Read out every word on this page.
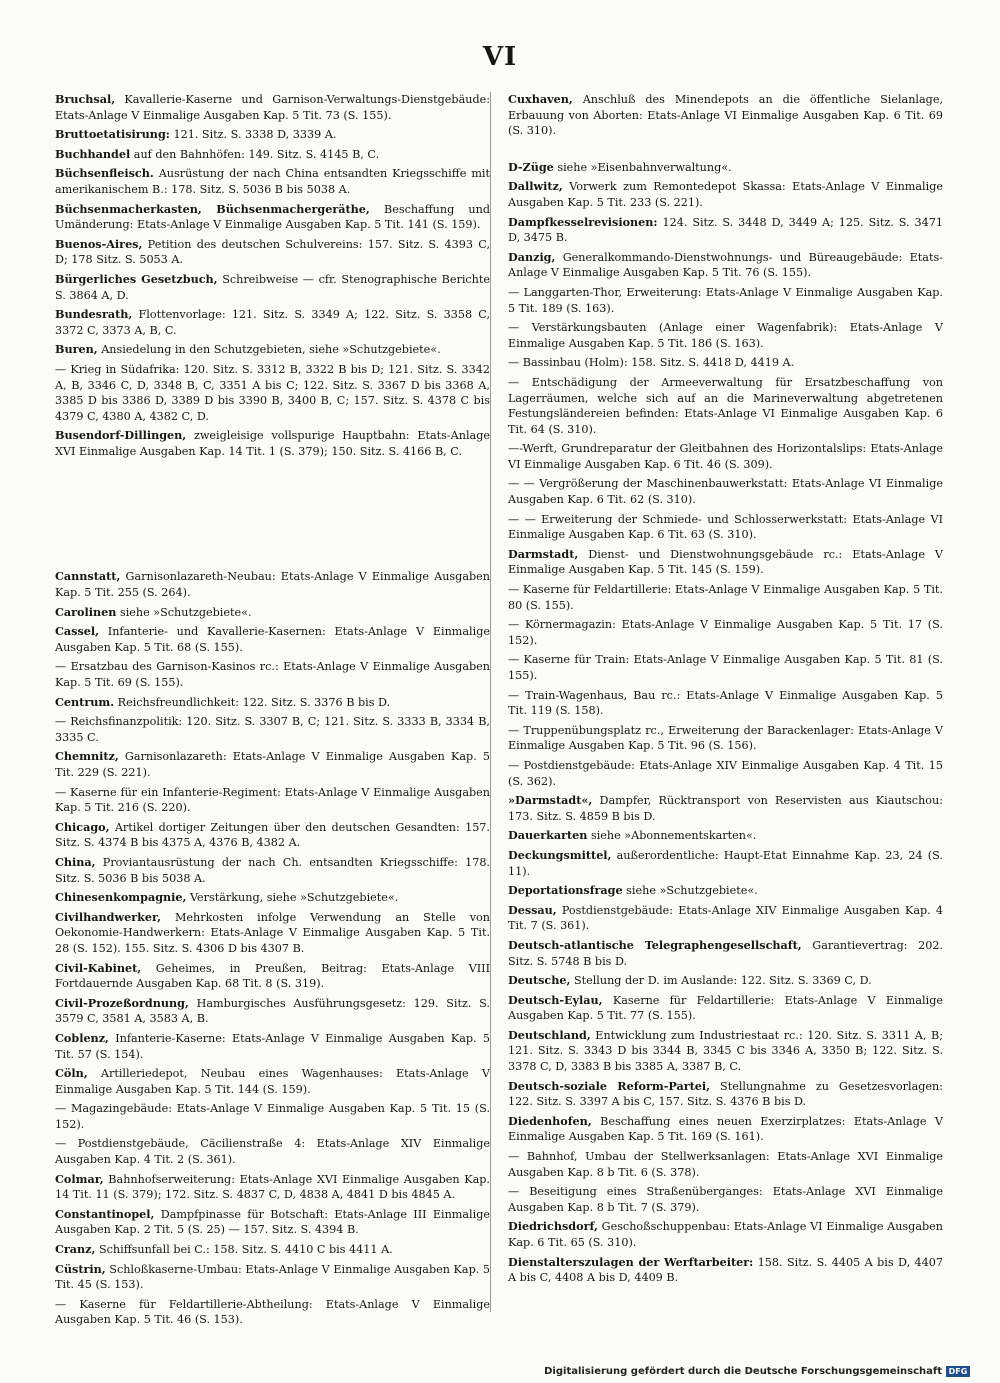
VI

Bruchsal, Kavallerie-Kaserne und Garnison-Verwaltungs-Dienstgebäude: Etats-Anlage V Einmalige Ausgaben Kap. 5 Tit. 73 (S. 155).

Bruttoetatisirung: 121. Sitz. S. 3338 D, 3339 A.

Buchhandel auf den Bahnhöfen: 149. Sitz. S. 4145 B, C.

Büchsenfleisch. Ausrüstung der nach China entsandten Kriegsschiffe mit amerikanischem B.: 178. Sitz. S. 5036 B bis 5038 A.

Büchsenmacherkasten, Büchsenmachergeräthe, Beschaffung und Umänderung: Etats-Anlage V Einmalige Ausgaben Kap. 5 Tit. 141 (S. 159).

Buenos-Aires, Petition des deutschen Schulvereins: 157. Sitz. S. 4393 C, D; 178 Sitz. S. 5053 A.

Bürgerliches Gesetzbuch, Schreibweise — cfr. Stenographische Berichte S. 3864 A, D.

Bundesrath, Flottenvorlage: 121. Sitz. S. 3349 A; 122. Sitz. S. 3358 C, 3372 C, 3373 A, B, C.

Buren, Ansiedelung in den Schutzgebieten, siehe »Schutzgebiete«.

— Krieg in Südafrika: 120. Sitz. S. 3312 B, 3322 B bis D; 121. Sitz. S. 3342 A, B, 3346 C, D, 3348 B, C, 3351 A bis C; 122. Sitz. S. 3367 D bis 3368 A, 3385 D bis 3386 D, 3389 D bis 3390 B, 3400 B, C; 157. Sitz. S. 4378 C bis 4379 C, 4380 A, 4382 C, D.

Busendorf-Dillingen, zweigleisige vollspurige Hauptbahn: Etats-Anlage XVI Einmalige Ausgaben Kap. 14 Tit. 1 (S. 379); 150. Sitz. S. 4166 B, C.

Cannstatt, Garnisonlazareth-Neubau: Etats-Anlage V Einmalige Ausgaben Kap. 5 Tit. 255 (S. 264).

Carolinen siehe »Schutzgebiete«.

Cassel, Infanterie- und Kavallerie-Kasernen: Etats-Anlage V Einmalige Ausgaben Kap. 5 Tit. 68 (S. 155).

— Ersatzbau des Garnison-Kasinos rc.: Etats-Anlage V Einmalige Ausgaben Kap. 5 Tit. 69 (S. 155).

Centrum. Reichsfreundlichkeit: 122. Sitz. S. 3376 B bis D.

— Reichsfinanzpolitik: 120. Sitz. S. 3307 B, C; 121. Sitz. S. 3333 B, 3334 B, 3335 C.

Chemnitz, Garnisonlazareth: Etats-Anlage V Einmalige Ausgaben Kap. 5 Tit. 229 (S. 221).

— Kaserne für ein Infanterie-Regiment: Etats-Anlage V Einmalige Ausgaben Kap. 5 Tit. 216 (S. 220).

Chicago, Artikel dortiger Zeitungen über den deutschen Gesandten: 157. Sitz. S. 4374 B bis 4375 A, 4376 B, 4382 A.

China, Proviantausrüstung der nach Ch. entsandten Kriegsschiffe: 178. Sitz. S. 5036 B bis 5038 A.

Chinesenkompagnie, Verstärkung, siehe »Schutzgebiete«.

Civilhandwerker, Mehrkosten infolge Verwendung an Stelle von Oekonomie-Handwerkern: Etats-Anlage V Einmalige Ausgaben Kap. 5 Tit. 28 (S. 152). 155. Sitz. S. 4306 D bis 4307 B.

Civil-Kabinet, Geheimes, in Preußen, Beitrag: Etats-Anlage VIII Fortdauernde Ausgaben Kap. 68 Tit. 8 (S. 319).

Civil-Prozeßordnung, Hamburgisches Ausführungsgesetz: 129. Sitz. S. 3579 C, 3581 A, 3583 A, B.

Coblenz, Infanterie-Kaserne: Etats-Anlage V Einmalige Ausgaben Kap. 5 Tit. 57 (S. 154).

Cöln, Artilleriedepot, Neubau eines Wagenhauses: Etats-Anlage V Einmalige Ausgaben Kap. 5 Tit. 144 (S. 159).

— Magazingebäude: Etats-Anlage V Einmalige Ausgaben Kap. 5 Tit. 15 (S. 152).

— Postdienstgebäude, Cäcilienstraße 4: Etats-Anlage XIV Einmalige Ausgaben Kap. 4 Tit. 2 (S. 361).

Colmar, Bahnhofserweiterung: Etats-Anlage XVI Einmalige Ausgaben Kap. 14 Tit. 11 (S. 379); 172. Sitz. S. 4837 C, D, 4838 A, 4841 D bis 4845 A.

Constantinopel, Dampfpinasse für Botschaft: Etats-Anlage III Einmalige Ausgaben Kap. 2 Tit. 5 (S. 25) — 157. Sitz. S. 4394 B.

Cranz, Schiffsunfall bei C.: 158. Sitz. S. 4410 C bis 4411 A.

Cüstrin, Schloßkaserne-Umbau: Etats-Anlage V Einmalige Ausgaben Kap. 5 Tit. 45 (S. 153).

— Kaserne für Feldartillerie-Abtheilung: Etats-Anlage V Einmalige Ausgaben Kap. 5 Tit. 46 (S. 153).

Cuxhaven, Anschluß des Minendepots an die öffentliche Sielanlage, Erbauung von Aborten: Etats-Anlage VI Einmalige Ausgaben Kap. 6 Tit. 69 (S. 310).

D-Züge siehe »Eisenbahnverwaltung«.

Dallwitz, Vorwerk zum Remontedepot Skassa: Etats-Anlage V Einmalige Ausgaben Kap. 5 Tit. 233 (S. 221).

Dampfkesselrevisionen: 124. Sitz. S. 3448 D, 3449 A; 125. Sitz. S. 3471 D, 3475 B.

Danzig, Generalkommando-Dienstwohnungs- und Büreaugebäude: Etats-Anlage V Einmalige Ausgaben Kap. 5 Tit. 76 (S. 155).

— Langgarten-Thor, Erweiterung: Etats-Anlage V Einmalige Ausgaben Kap. 5 Tit. 189 (S. 163).

— Verstärkungsbauten (Anlage einer Wagenfabrik): Etats-Anlage V Einmalige Ausgaben Kap. 5 Tit. 186 (S. 163).

— Bassinbau (Holm): 158. Sitz. S. 4418 D, 4419 A.

— Entschädigung der Armeeverwaltung für Ersatzbeschaffung von Lagerräumen, welche sich auf an die Marineverwaltung abgetretenen Festungsländereien befinden: Etats-Anlage VI Einmalige Ausgaben Kap. 6 Tit. 64 (S. 310).

—-Werft, Grundreparatur der Gleitbahnen des Horizontalslips: Etats-Anlage VI Einmalige Ausgaben Kap. 6 Tit. 46 (S. 309).

— — Vergrößerung der Maschinenbauwerkstatt: Etats-Anlage VI Einmalige Ausgaben Kap. 6 Tit. 62 (S. 310).

— — Erweiterung der Schmiede- und Schlosserwerkstatt: Etats-Anlage VI Einmalige Ausgaben Kap. 6 Tit. 63 (S. 310).

Darmstadt, Dienst- und Dienstwohnungsgebäude rc.: Etats-Anlage V Einmalige Ausgaben Kap. 5 Tit. 145 (S. 159).

— Kaserne für Feldartillerie: Etats-Anlage V Einmalige Ausgaben Kap. 5 Tit. 80 (S. 155).

— Körnermagazin: Etats-Anlage V Einmalige Ausgaben Kap. 5 Tit. 17 (S. 152).

— Kaserne für Train: Etats-Anlage V Einmalige Ausgaben Kap. 5 Tit. 81 (S. 155).

— Train-Wagenhaus, Bau rc.: Etats-Anlage V Einmalige Ausgaben Kap. 5 Tit. 119 (S. 158).

— Truppenübungsplatz rc., Erweiterung der Barackenlager: Etats-Anlage V Einmalige Ausgaben Kap. 5 Tit. 96 (S. 156).

— Postdienstgebäude: Etats-Anlage XIV Einmalige Ausgaben Kap. 4 Tit. 15 (S. 362).

»Darmstadt«, Dampfer, Rücktransport von Reservisten aus Kiautschou: 173. Sitz. S. 4859 B bis D.

Dauerkarten siehe »Abonnementskarten«.

Deckungsmittel, außerordentliche: Haupt-Etat Einnahme Kap. 23, 24 (S. 11).

Deportationsfrage siehe »Schutzgebiete«.

Dessau, Postdienstgebäude: Etats-Anlage XIV Einmalige Ausgaben Kap. 4 Tit. 7 (S. 361).

Deutsch-atlantische Telegraphengesellschaft, Garantievertrag: 202. Sitz. S. 5748 B bis D.

Deutsche, Stellung der D. im Auslande: 122. Sitz. S. 3369 C, D.

Deutsch-Eylau, Kaserne für Feldartillerie: Etats-Anlage V Einmalige Ausgaben Kap. 5 Tit. 77 (S. 155).

Deutschland, Entwicklung zum Industriestaat rc.: 120. Sitz. S. 3311 A, B; 121. Sitz. S. 3343 D bis 3344 B, 3345 C bis 3346 A, 3350 B; 122. Sitz. S. 3378 C, D, 3383 B bis 3385 A, 3387 B, C.

Deutsch-soziale Reform-Partei, Stellungnahme zu Gesetzesvorlagen: 122. Sitz. S. 3397 A bis C, 157. Sitz. S. 4376 B bis D.

Diedenhofen, Beschaffung eines neuen Exerzirplatzes: Etats-Anlage V Einmalige Ausgaben Kap. 5 Tit. 169 (S. 161).

— Bahnhof, Umbau der Stellwerksanlagen: Etats-Anlage XVI Einmalige Ausgaben Kap. 8 b Tit. 6 (S. 378).

— Beseitigung eines Straßenüberganges: Etats-Anlage XVI Einmalige Ausgaben Kap. 8 b Tit. 7 (S. 379).

Diedrichsdorf, Geschoßschuppenbau: Etats-Anlage VI Einmalige Ausgaben Kap. 6 Tit. 65 (S. 310).

Dienstalterszulagen der Werftarbeiter: 158. Sitz. S. 4405 A bis D, 4407 A bis C, 4408 A bis D, 4409 B.

Digitalisierung gefördert durch die Deutsche Forschungsgemeinschaft DFG
